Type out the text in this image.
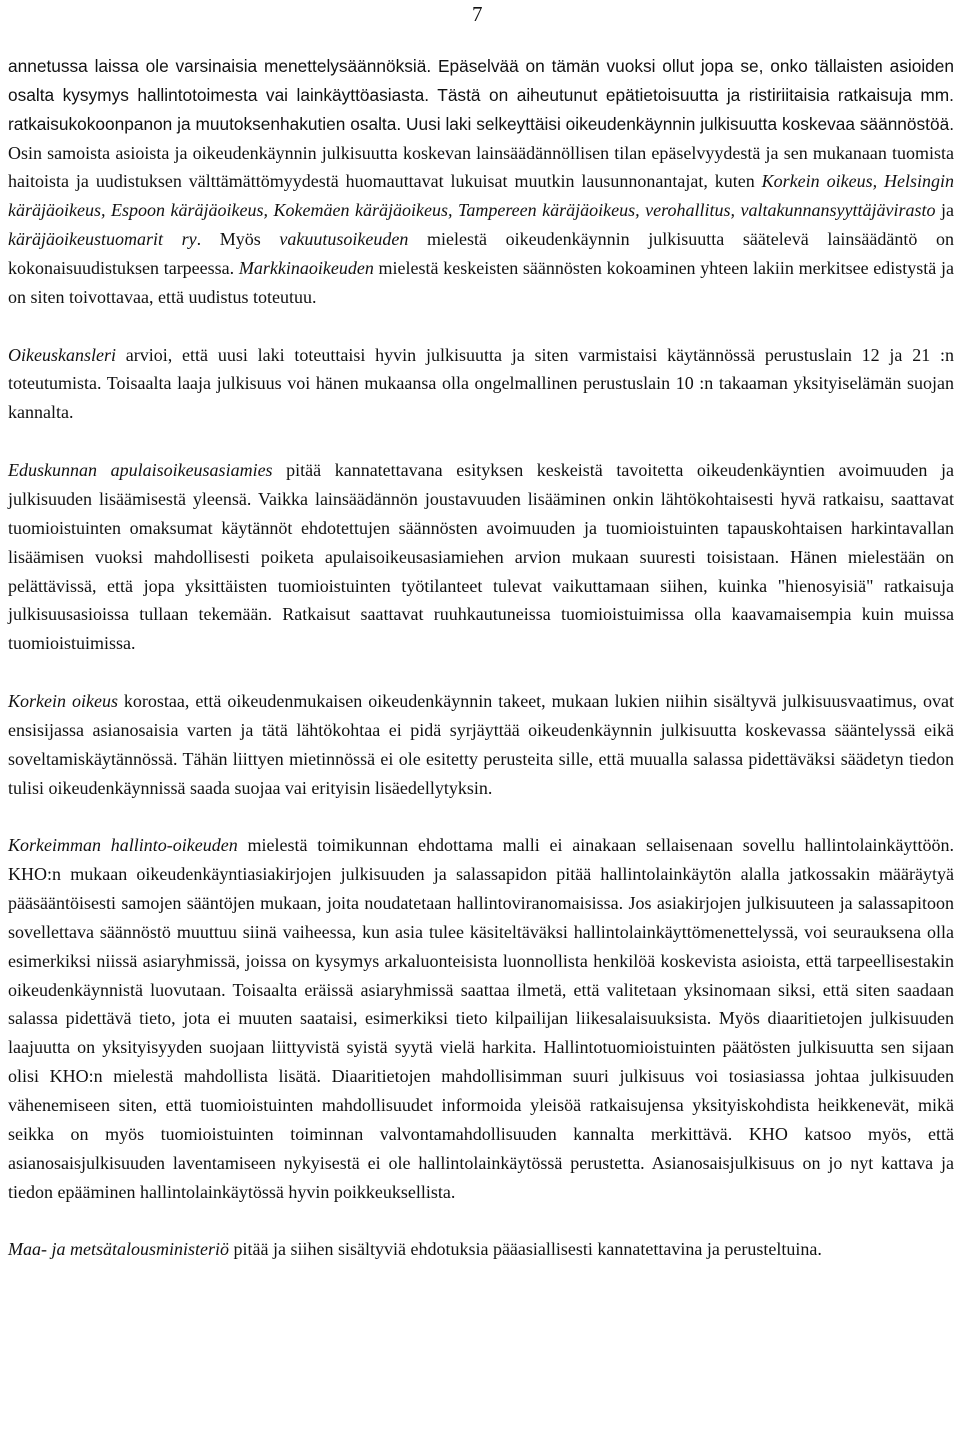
7

annetussa laissa ole varsinaisia menettelysäännöksiä. Epäselvää on tämän vuoksi ollut jopa se, onko tällaisten asioiden osalta kysymys hallintotoimesta vai lainkäyttöasiasta. Tästä on aiheutunut epätietoisuutta ja ristiriitaisia ratkaisuja mm. ratkaisukokoonpanon ja muutoksenhakutien osalta. Uusi laki selkeyttäisi oikeudenkäynnin julkisuutta koskevaa säännöstöä. Osin samoista asioista ja oikeudenkäynnin julkisuutta koskevan lainsäädännöllisen tilan epäselvyydestä ja sen mukanaan tuomista haitoista ja uudistuksen välttämättömyydestä huomauttavat lukuisat muutkin lausunnonantajat, kuten Korkein oikeus, Helsingin käräjäoikeus, Espoon käräjäoikeus, Kokemäen käräjäoikeus, Tampereen käräjäoikeus, verohallitus, valtakunnansyyttäjävirasto ja käräjäoikeustuomarit ry. Myös vakuutusoikeuden mielestä oikeudenkäynnin julkisuutta säätelevä lainsäädäntö on kokonaisuudistuksen tarpeessa. Markkinaoikeuden mielestä keskeisten säännösten kokoaminen yhteen lakiin merkitsee edistystä ja on siten toivottavaa, että uudistus toteutuu.

Oikeuskansleri arvioi, että uusi laki toteuttaisi hyvin julkisuutta ja siten varmistaisi käytännössä perustuslain 12 ja 21 :n toteutumista. Toisaalta laaja julkisuus voi hänen mukaansa olla ongelmallinen perustuslain 10 :n takaaman yksityiselämän suojan kannalta.

Eduskunnan apulaisoikeusasiamies pitää kannatettavana esityksen keskeistä tavoitetta oikeudenkäyntien avoimuuden ja julkisuuden lisäämisestä yleensä. Vaikka lainsäädännön joustavuuden lisääminen onkin lähtökohtaisesti hyvä ratkaisu, saattavat tuomioistuinten omaksumat käytännöt ehdotettujen säännösten avoimuuden ja tuomioistuinten tapauskohtaisen harkintavallan lisäämisen vuoksi mahdollisesti poiketa apulaisoikeusasiamiehen arvion mukaan suuresti toisistaan. Hänen mielestään on pelättävissä, että jopa yksittäisten tuomioistuinten työtilanteet tulevat vaikuttamaan siihen, kuinka "hienosyisiä" ratkaisuja julkisuusasioissa tullaan tekemään. Ratkaisut saattavat ruuhkautuneissa tuomioistuimissa olla kaavamaisempia kuin muissa tuomioistuimissa.

Korkein oikeus korostaa, että oikeudenmukaisen oikeudenkäynnin takeet, mukaan lukien niihin sisältyvä julkisuusvaatimus, ovat ensisijassa asianosaisia varten ja tätä lähtökohtaa ei pidä syrjäyttää oikeudenkäynnin julkisuutta koskevassa sääntelyssä eikä soveltamiskäytännössä. Tähän liittyen mietinnössä ei ole esitetty perusteita sille, että muualla salassa pidettäväksi säädetyn tiedon tulisi oikeudenkäynnissä saada suojaa vai erityisin lisäedellytyksin.

Korkeimman hallinto-oikeuden mielestä toimikunnan ehdottama malli ei ainakaan sellaisenaan sovellu hallintolainkäyttöön. KHO:n mukaan oikeudenkäyntiasiakirjojen julkisuuden ja salassapidon pitää hallintolainkäytön alalla jatkossakin määräytyä pääsääntöisesti samojen sääntöjen mukaan, joita noudatetaan hallintoviranomaisissa. Jos asiakirjojen julkisuuteen ja salassapitoon sovellettava säännöstö muuttuu siinä vaiheessa, kun asia tulee käsiteltäväksi hallintolainkäyttömenettelyssä, voi seurauksena olla esimerkiksi niissä asiaryhmissä, joissa on kysymys arkaluonteisista luonnollista henkilöä koskevista asioista, että tarpeellisestakin oikeudenkäynnistä luovutaan. Toisaalta eräissä asiaryhmissä saattaa ilmetä, että valitetaan yksinomaan siksi, että siten saadaan salassa pidettävä tieto, jota ei muuten saataisi, esimerkiksi tieto kilpailijan liikesalaisuuksista. Myös diaaritietojen julkisuuden laajuutta on yksityisyyden suojaan liittyvistä syistä syytä vielä harkita. Hallintotuomioistuinten päätösten julkisuutta sen sijaan olisi KHO:n mielestä mahdollista lisätä. Diaaritietojen mahdollisimman suuri julkisuus voi tosiasiassa johtaa julkisuuden vähenemiseen siten, että tuomioistuinten mahdollisuudet informoida yleisöä ratkaisujensa yksityiskohdista heikkenevät, mikä seikka on myös tuomioistuinten toiminnan valvontamahdollisuuden kannalta merkittävä. KHO katsoo myös, että asianosaisjulkisuuden laventamiseen nykyisestä ei ole hallintolainkäytössä perustetta. Asianosaisjulkisuus on jo nyt kattava ja tiedon epääminen hallintolainkäytössä hyvin poikkeuksellista.

Maa- ja metsätalousministeriö pitää ja siihen sisältyviä ehdotuksia pääasiallisesti kannatettavina ja perusteltuina.
